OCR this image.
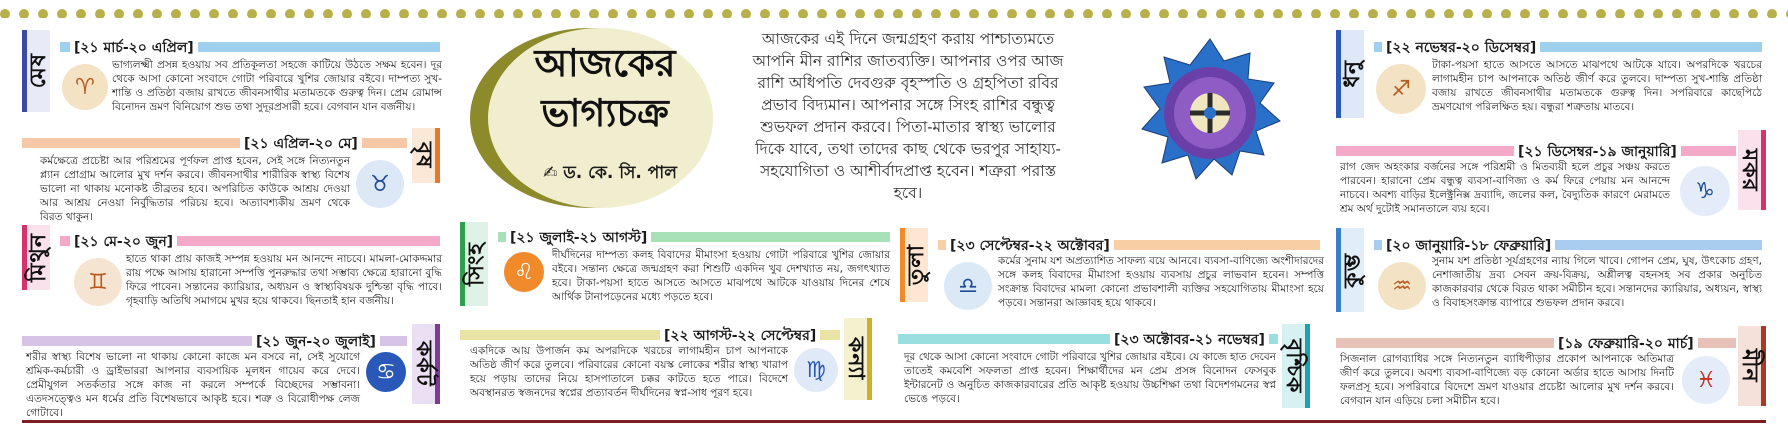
মেষ
[২১ মার্চ-২০ এপ্রিল]
♈
ভাগ্যলক্ষ্মী প্রসন্ন হওয়ায় সব প্রতিকূলতা সহজে কাটিয়ে উঠতে সক্ষম হবেন। দূর থেকে আসা কোনো সংবাদে গোটা পরিবারে খুশির জোয়ার বইবে। দাম্পত্য সুখ-শান্তি ও প্রতিষ্ঠা বজায় রাখতে জীবনসাথীর মতামতকে গুরুত্ব দিন। প্রেম রোমান্স বিনোদন ভ্রমণ বিনিয়োগ শুভ তথা সুদূরপ্রসারী হবে। বেগবান যান বর্জনীয়।
[২১ এপ্রিল-২০ মে] বৃষ
কর্মক্ষেত্রে প্রচেষ্টা আর পরিশ্রমের পূর্ণফল প্রাপ্ত হবেন, সেই সঙ্গে নিত্যনতুন প্ল্যান প্রোগ্রাম আলোর মুখ দর্শন করবে। জীবনসাথীর শারীরিক স্বাস্থ্য বিশেষ ভালো না থাকায় মনোকষ্ট তীব্রতর হবে। অপরিচিত কাউকে আশ্রয় দেওয়া আর আশ্রয় নেওয়া নির্বুদ্ধিতার পরিচয় হবে। অত্যাবশ্যকীয় ভ্রমণ থেকে বিরত থাকুন।
♉
মিথুন	[২১ মে-২০ জুন]
♊
হাতে থাকা প্রায় কাজই সম্পন্ন হওয়ায় মন আনন্দে নাচবে। মামলা-মোকদ্দমার রায় পক্ষে আসায় হারানো সম্পত্তি পুনরুদ্ধার তথা সম্ভাব্য ক্ষেত্রে হারানো বুদ্ধি ফিরে পাবেন। সন্তানের ক্যারিয়ার, অধ্যয়ন ও স্বাস্থ্যবিষয়ক দুশ্চিন্তা বৃদ্ধি পাবে। গৃহবাড়ি অতিথি সমাগমে মুখর হয়ে থাকবে। ছিনতাই হান বর্জনীয়।
[২১ জুন-২০ জুলাই] কর্কট
শরীর স্বাস্থ্য বিশেষ ভালো না থাকায় কোনো কাজে মন বসবে না, সেই সুযোগে শ্রমিক-কর্মচারী ও ড্রাইভাররা আপনার ব্যবসায়িক মূলধন গায়েব করে দেবে। প্রেমীযুগল সতর্কতার সঙ্গে কাজ না করলে সম্পর্কে বিচ্ছেদের সম্ভাবনা। এতদসত্ত্বেও মন ধর্মের প্রতি বিশেষভাবে আকৃষ্ট হবে। শত্রু ও বিরোধীপক্ষ লেজ গোটাবে।
♋
আজকের
ভাগ্যচক্র
✍ ড. কে. সি. পাল
আজকের এই দিনে জন্মগ্রহণ করায় পাশ্চাত্যমতে আপনি মীন রাশির জাতব্যক্তি। আপনার ওপর আজ রাশি অধিপতি দেবগুরু বৃহস্পতি ও গ্রহপিতা রবির প্রভাব বিদ্যমান। আপনার সঙ্গে সিংহ রাশির বন্ধুত্ব শুভফল প্রদান করবে। পিতা-মাতার স্বাস্থ্য ভালোর দিকে যাবে, তথা তাদের কাছ থেকে ভরপুর সাহায্য-সহযোগিতা ও আশীর্বাদপ্রাপ্ত হবেন। শত্রুরা পরাস্ত হবে।
সিংহ
[২১ জুলাই-২১ আগস্ট]
♌
দীর্ঘদিনের দাম্পত্য কলহ বিবাদের মীমাংসা হওয়ায় গোটা পরিবারে খুশির জোয়ার বইবে। সন্তান্য ক্ষেত্রে জন্মগ্রহণ করা শিশুটি একদিন খুব দেশখ্যাত নয়, জগৎখ্যাত হবে। টাকা-পয়সা হাতে আসতে আসতে মাঝপথে আটকে যাওয়ায় দিনের শেষে আর্থিক টানাপড়েনের মধ্যে পড়তে হবে।
[২২ আগস্ট-২২ সেপ্টেম্বর]
কন্যা
একদিকে আয় উপার্জন কম অপরদিকে খরচের লাগামহীন চাপ আপনাকে অতিষ্ঠ জীর্ণ করে তুলবে। পরিবারের কোনো বয়স্ক লোকের শরীর স্বাস্থ্য খারাপ হয়ে পড়ায় তাদের নিয়ে হাসপাতালে চক্কর কাটতে হতে পারে। বিদেশে অবস্থানরত স্বজনদের স্বপ্নের প্রত্যাবর্তন দীর্ঘদিনের স্বপ্ন-সাধ পূরণ হবে।
♍
তুলা	[২৩ সেপ্টেম্বর-২২ অক্টোবর]
♎
কর্মের সুনাম যশ অপ্রত্যাশিত সাফল্য বয়ে আনবে। ব্যবসা-বাণিজ্যে অংশীদারদের সঙ্গে কলহ বিবাদের মীমাংসা হওয়ায় ব্যবসায় প্রচুর লাভবান হবেন। সম্পত্তি সংক্রান্ত বিবাদের মামলা কোনো প্রভাবশালী ব্যক্তির সহযোগিতায় মীমাংসা হয়ে পড়বে। সন্তানরা আজ্ঞাবহ হয়ে থাকবে।
[২৩ অক্টোবর-২১ নভেম্বর] বৃশ্চিক
দূর থেকে আসা কোনো সংবাদে গোটা পরিবারে খুশির জোয়ার বইবে। যে কাজে হাত দেবেন তাতেই কমবেশি সফলতা প্রাপ্ত হবেন। শিক্ষার্থীদের মন প্রেম প্রসঙ্গ বিনোদন ফেসবুক ইন্টারনেট ও অনুচিত কাজকারবারের প্রতি আকৃষ্ট হওয়ায় উচ্চশিক্ষা তথা বিদেশগমনের স্বপ্ন ভেঙে পড়বে।
ধনু
[২২ নভেম্বর-২০ ডিসেম্বর]
♐
টাকা-পয়সা হাতে আসতে আসতে মাঝপথে আটকে যাবে। অপরদিকে খরচের লাগামহীন চাপ আপনাকে অতিষ্ঠ জীর্ণ করে তুলবে। দাম্পত্য সুখ-শান্তি প্রতিষ্ঠা বজায় রাখতে জীবনসাথীর মতামতকে গুরুত্ব দিন। সপরিবারে কাছেপিঠে ভ্রমণযোগ পরিলক্ষিত হয়। বন্ধুরা শত্রুতায় মাতবে।
[২১ ডিসেম্বর-১৯ জানুয়ারি]	মকর
রাগ জেদ অহংকার বর্জনের সঙ্গে পরিশ্রমী ও মিতব্যয়ী হলে প্রচুর সঞ্চয় করতে পারবেন। হারানো প্রেম বন্ধুত্ব ব্যবসা-বাণিজ্য ও কর্ম ফিরে পেয়ায় মন আনন্দে নাচবে। অবশ্য বাড়ির ইলেক্ট্রনিক্স দ্রব্যাদি, জলের কল, বৈদ্যুতিক কারণে মেরামতে শ্রম অর্থ দুটোই সমানতালে ব্যয় হবে।
♑
কুম্ভ
[২০ জানুয়ারি-১৮ ফেব্রুয়ারি]
♒
সুনাম যশ প্রতিষ্ঠা সূর্যগ্রহণের ন্যায় গিলে খাবে। গোপন প্রেম, ঘুষ, উৎকোচ গ্রহণ, নেশাজাতীয় দ্রব্য সেবন ক্রয়-বিক্রয়, অশ্লীলত্ব বহনসহ সব প্রকার অনুচিত কাজকারবার থেকে বিরত থাকা সমীচীন হবে। সন্তানদের ক্যারিয়ার, অধ্যয়ন, স্বাস্থ্য ও বিবাহসংক্রান্ত ব্যাপারে শুভফল প্রদান করবে।
[১৯ ফেব্রুয়ারি-২০ মার্চ]
মীন
সিজনাল রোগব্যাধির সঙ্গে নিত্যনতুন ব্যাধিপীড়ার প্রকোপ আপনাকে অতিমাত্র জীর্ণ করে তুলবে। অবশ্য ব্যবসা-বাণিজ্যে বড় কোনো অর্ডার হাতে আসায় দিনটি ফলপ্রসূ হবে। সপরিবারে বিদেশে ভ্রমণ যাওয়ার প্রচেষ্টা আলোর মুখ দর্শন করবে। বেগবান যান এড়িয়ে চলা সমীচীন হবে।
♓
